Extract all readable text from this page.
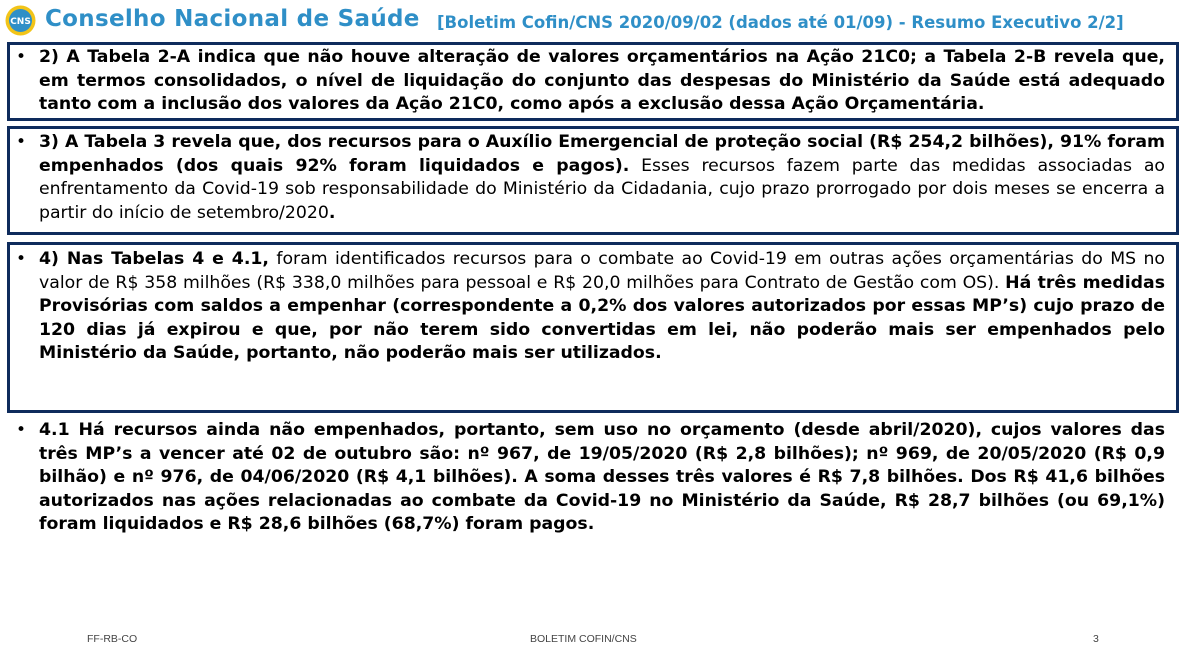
CNS Conselho Nacional de Saúde [Boletim Cofin/CNS 2020/09/02 (dados até 01/09) - Resumo Executivo 2/2]
• 2) A Tabela 2-A indica que não houve alteração de valores orçamentários na Ação 21C0; a Tabela 2-B revela que, em termos consolidados, o nível de liquidação do conjunto das despesas do Ministério da Saúde está adequado tanto com a inclusão dos valores da Ação 21C0, como após a exclusão dessa Ação Orçamentária.
• 3) A Tabela 3 revela que, dos recursos para o Auxílio Emergencial de proteção social (R$ 254,2 bilhões), 91% foram empenhados (dos quais 92% foram liquidados e pagos). Esses recursos fazem parte das medidas associadas ao enfrentamento da Covid-19 sob responsabilidade do Ministério da Cidadania, cujo prazo prorrogado por dois meses se encerra a partir do início de setembro/2020.
• 4) Nas Tabelas 4 e 4.1, foram identificados recursos para o combate ao Covid-19 em outras ações orçamentárias do MS no valor de R$ 358 milhões (R$ 338,0 milhões para pessoal e R$ 20,0 milhões para Contrato de Gestão com OS). Há três medidas Provisórias com saldos a empenhar (correspondente a 0,2% dos valores autorizados por essas MP’s) cujo prazo de 120 dias já expirou e que, por não terem sido convertidas em lei, não poderão mais ser empenhados pelo Ministério da Saúde, portanto, não poderão mais ser utilizados.
• 4.1 Há recursos ainda não empenhados, portanto, sem uso no orçamento (desde abril/2020), cujos valores das três MP’s a vencer até 02 de outubro são: nº 967, de 19/05/2020 (R$ 2,8 bilhões); nº 969, de 20/05/2020 (R$ 0,9 bilhão) e nº 976, de 04/06/2020 (R$ 4,1 bilhões). A soma desses três valores é R$ 7,8 bilhões. Dos R$ 41,6 bilhões autorizados nas ações relacionadas ao combate da Covid-19 no Ministério da Saúde, R$ 28,7 bilhões (ou 69,1%) foram liquidados e R$ 28,6 bilhões (68,7%) foram pagos.
FF-RB-CO	BOLETIM COFIN/CNS	3
